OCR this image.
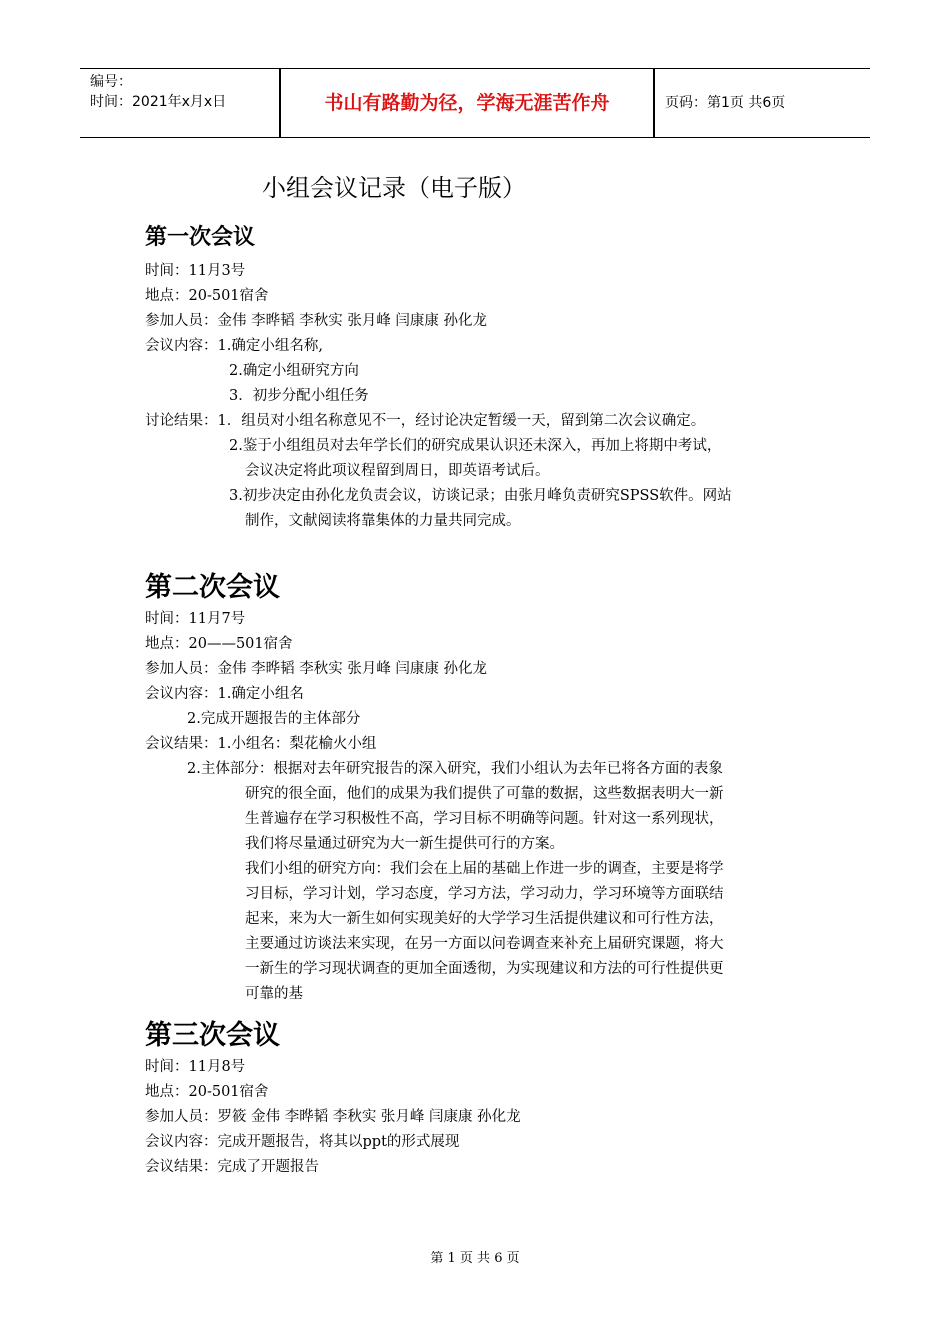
编号：
时间：2021年x月x日	书山有路勤为径，学海无涯苦作舟	页码：第1页 共6页
小组会议记录（电子版）
第一次会议
时间：11月3号
地点：20-501宿舍
参加人员：金伟 李晔韬 李秋实 张月峰 闫康康 孙化龙
会议内容：1.确定小组名称,
2.确定小组研究方向
3．初步分配小组任务
讨论结果：1．组员对小组名称意见不一，经讨论决定暂缓一天，留到第二次会议确定。
2.鉴于小组组员对去年学长们的研究成果认识还未深入，再加上将期中考试，
会议决定将此项议程留到周日，即英语考试后。
3.初步决定由孙化龙负责会议，访谈记录；由张月峰负责研究SPSS软件。网站
制作，文献阅读将靠集体的力量共同完成。
第二次会议
时间：11月7号
地点：20——501宿舍
参加人员：金伟 李晔韬 李秋实 张月峰 闫康康 孙化龙
会议内容：1.确定小组名
2.完成开题报告的主体部分
会议结果：1.小组名：梨花榆火小组
2.主体部分：根据对去年研究报告的深入研究，我们小组认为去年已将各方面的表象
研究的很全面，他们的成果为我们提供了可靠的数据，这些数据表明大一新
生普遍存在学习积极性不高，学习目标不明确等问题。针对这一系列现状，
我们将尽量通过研究为大一新生提供可行的方案。
我们小组的研究方向：我们会在上届的基础上作进一步的调查，主要是将学
习目标，学习计划，学习态度，学习方法，学习动力，学习环境等方面联结
起来，来为大一新生如何实现美好的大学学习生活提供建议和可行性方法，
主要通过访谈法来实现，在另一方面以问卷调查来补充上届研究课题，将大
一新生的学习现状调查的更加全面透彻，为实现建议和方法的可行性提供更
可靠的基
第三次会议
时间：11月8号
地点：20-501宿舍
参加人员：罗筱 金伟 李晔韬 李秋实 张月峰 闫康康 孙化龙
会议内容：完成开题报告，将其以ppt的形式展现
会议结果：完成了开题报告
第 1 页 共 6 页
